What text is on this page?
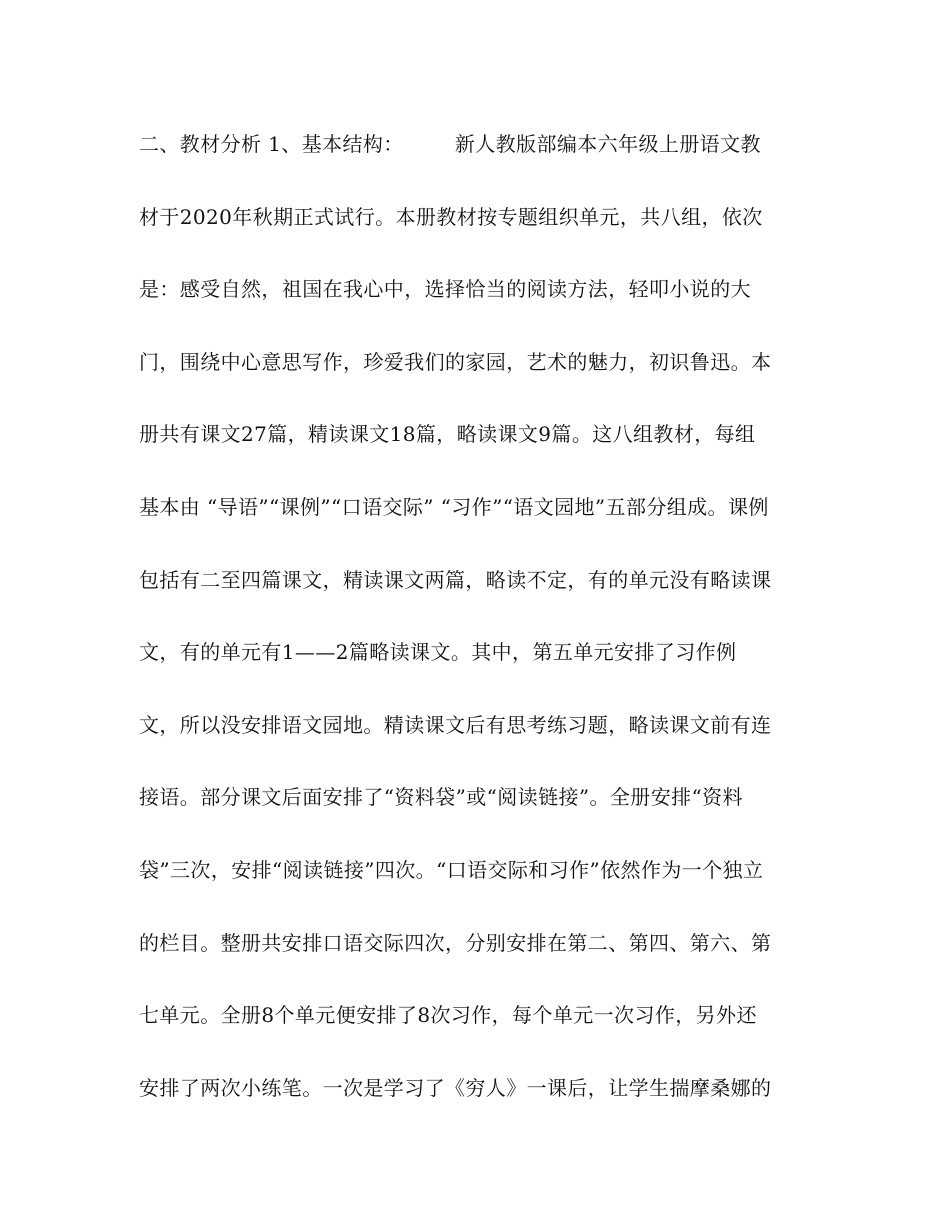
二、教材分析 1、基本结构：　　　新人教版部编本六年级上册语文教
材于2020年秋期正式试行。本册教材按专题组织单元，共八组，依次
是：感受自然，祖国在我心中，选择恰当的阅读方法，轻叩小说的大
门，围绕中心意思写作，珍爱我们的家园，艺术的魅力，初识鲁迅。本
册共有课文27篇，精读课文18篇，略读课文9篇。这八组教材，每组
基本由 “导语”“课例”“口语交际” “习作”“语文园地”五部分组成。课例
包括有二至四篇课文，精读课文两篇，略读不定，有的单元没有略读课
文，有的单元有1——2篇略读课文。其中，第五单元安排了习作例
文，所以没安排语文园地。精读课文后有思考练习题，略读课文前有连
接语。部分课文后面安排了“资料袋”或“阅读链接”。全册安排“资料
袋”三次，安排“阅读链接”四次。“口语交际和习作”依然作为一个独立
的栏目。整册共安排口语交际四次，分别安排在第二、第四、第六、第
七单元。全册8个单元便安排了8次习作，每个单元一次习作，另外还
安排了两次小练笔。一次是学习了《穷人》一课后，让学生揣摩桑娜的
